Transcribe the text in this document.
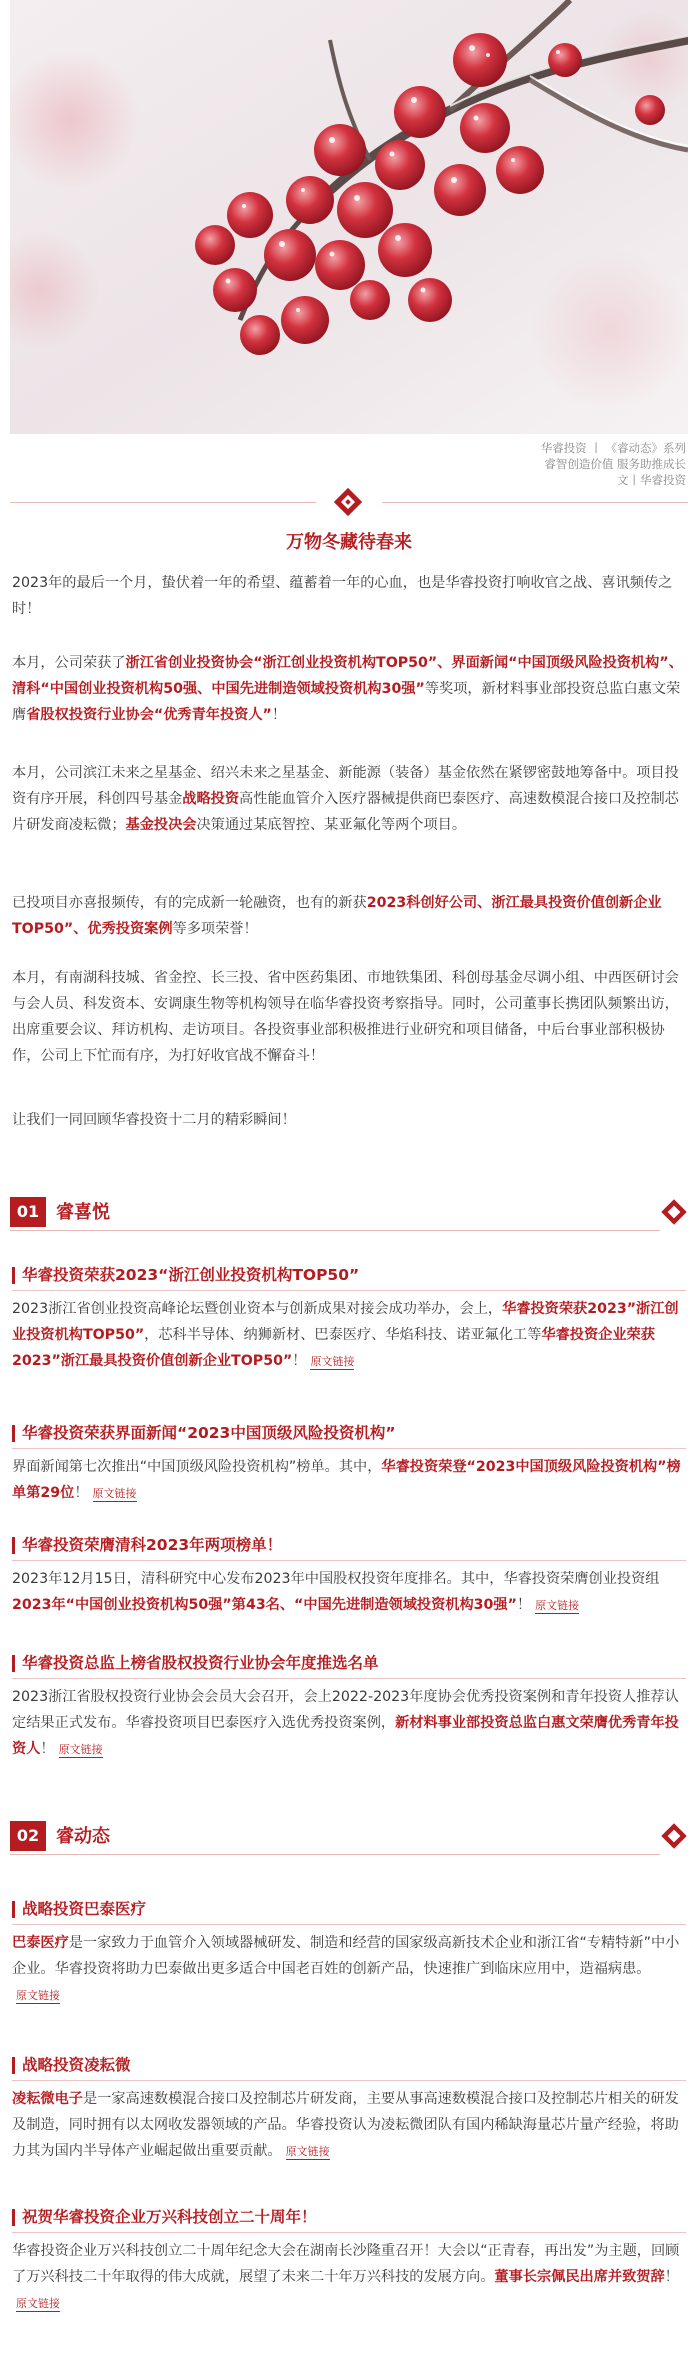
华睿投资 丨 《睿动态》系列
睿智创造价值 服务助推成长
文丨华睿投资
万物冬藏待春来

2023年的最后一个月，蛰伏着一年的希望、蕴蓄着一年的心血，也是华睿投资打响收官之战、喜讯频传之时！

本月，公司荣获了浙江省创业投资协会“浙江创业投资机构TOP50”、界面新闻“中国顶级风险投资机构”、清科“中国创业投资机构50强、中国先进制造领域投资机构30强”等奖项，新材料事业部投资总监白惠文荣膺省股权投资行业协会“优秀青年投资人”！

本月，公司滨江未来之星基金、绍兴未来之星基金、新能源（装备）基金依然在紧锣密鼓地筹备中。项目投资有序开展，科创四号基金战略投资高性能血管介入医疗器械提供商巴泰医疗、高速数模混合接口及控制芯片研发商凌耘微；基金投决会决策通过某底智控、某亚氟化等两个项目。

已投项目亦喜报频传，有的完成新一轮融资，也有的新获2023科创好公司、浙江最具投资价值创新企业TOP50”、优秀投资案例等多项荣誉！

本月，有南湖科技城、省金控、长三投、省中医药集团、市地铁集团、科创母基金尽调小组、中西医研讨会与会人员、科发资本、安调康生物等机构领导在临华睿投资考察指导。同时，公司董事长携团队频繁出访，出席重要会议、拜访机构、走访项目。各投资事业部积极推进行业研究和项目储备，中后台事业部积极协作，公司上下忙而有序，为打好收官战不懈奋斗！

让我们一同回顾华睿投资十二月的精彩瞬间！

01 睿喜悦
华睿投资荣获2023“浙江创业投资机构TOP50”

2023浙江省创业投资高峰论坛暨创业资本与创新成果对接会成功举办，会上，华睿投资荣获2023”浙江创业投资机构TOP50”，芯科半导体、纳狮新材、巴泰医疗、华焰科技、诺亚氟化工等华睿投资企业荣获2023”浙江最具投资价值创新企业TOP50”！ 原文链接

华睿投资荣获界面新闻“2023中国顶级风险投资机构”

界面新闻第七次推出“中国顶级风险投资机构”榜单。其中，华睿投资荣登“2023中国顶级风险投资机构”榜单第29位！ 原文链接

华睿投资荣膺清科2023年两项榜单！

2023年12月15日，清科研究中心发布2023年中国股权投资年度排名。其中，华睿投资荣膺创业投资组2023年“中国创业投资机构50强”第43名、“中国先进制造领域投资机构30强”！ 原文链接

华睿投资总监上榜省股权投资行业协会年度推选名单

2023浙江省股权投资行业协会会员大会召开，会上2022-2023年度协会优秀投资案例和青年投资人推荐认定结果正式发布。华睿投资项目巴泰医疗入选优秀投资案例，新材料事业部投资总监白惠文荣膺优秀青年投资人！ 原文链接

02 睿动态
战略投资巴泰医疗

巴泰医疗是一家致力于血管介入领域器械研发、制造和经营的国家级高新技术企业和浙江省“专精特新”中小企业。华睿投资将助力巴泰做出更多适合中国老百姓的创新产品，快速推广到临床应用中，造福病患。原文链接

战略投资凌耘微

凌耘微电子是一家高速数模混合接口及控制芯片研发商，主要从事高速数模混合接口及控制芯片相关的研发及制造，同时拥有以太网收发器领域的产品。华睿投资认为凌耘微团队有国内稀缺海量芯片量产经验，将助力其为国内半导体产业崛起做出重要贡献。 原文链接

祝贺华睿投资企业万兴科技创立二十周年！

华睿投资企业万兴科技创立二十周年纪念大会在湖南长沙隆重召开！大会以“正青春，再出发”为主题，回顾了万兴科技二十年取得的伟大成就，展望了未来二十年万兴科技的发展方向。董事长宗佩民出席并致贺辞！原文链接
